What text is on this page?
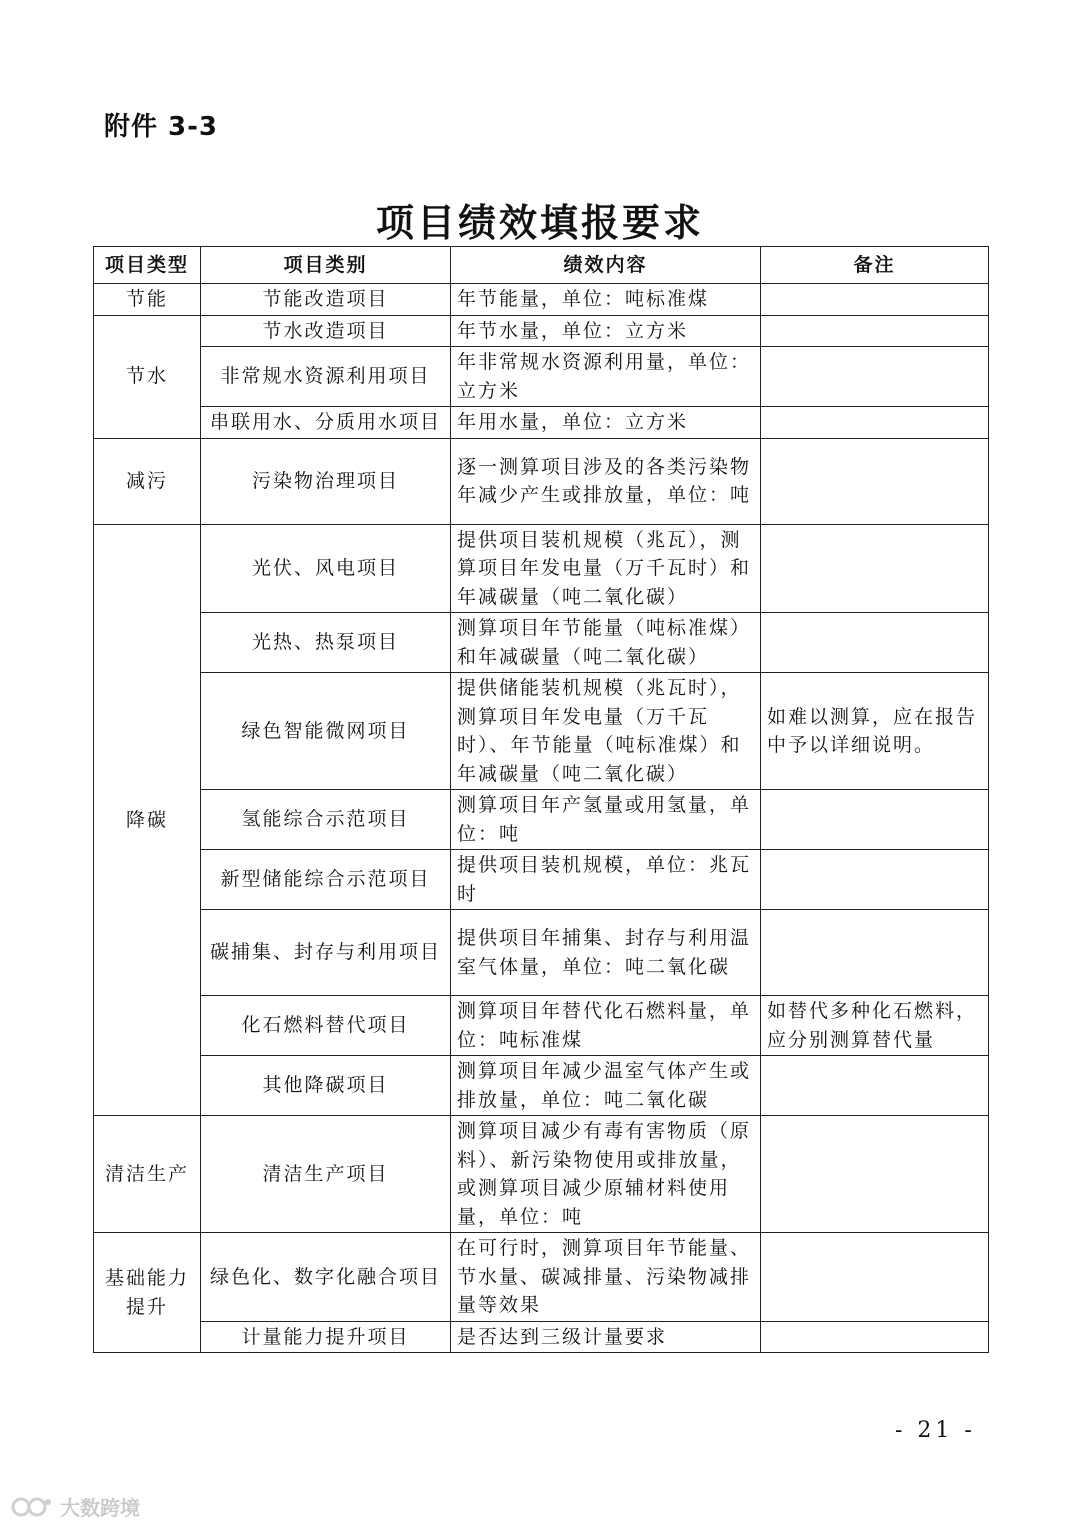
附件 3-3
项目绩效填报要求
项目类型	项目类别	绩效内容	备注
节能	节能改造项目	年节能量，单位：吨标准煤	
节水	节水改造项目	年节水量，单位：立方米	
	非常规水资源利用项目	年非常规水资源利用量，单位：立方米	
	串联用水、分质用水项目	年用水量，单位：立方米	
减污	污染物治理项目	逐一测算项目涉及的各类污染物年减少产生或排放量，单位：吨	
降碳	光伏、风电项目	提供项目装机规模（兆瓦），测算项目年发电量（万千瓦时）和年减碳量（吨二氧化碳）	
	光热、热泵项目	测算项目年节能量（吨标准煤）和年减碳量（吨二氧化碳）	
	绿色智能微网项目	提供储能装机规模（兆瓦时），测算项目年发电量（万千瓦时）、年节能量（吨标准煤）和年减碳量（吨二氧化碳）	如难以测算，应在报告中予以详细说明。
	氢能综合示范项目	测算项目年产氢量或用氢量，单位：吨	
	新型储能综合示范项目	提供项目装机规模，单位：兆瓦时	
	碳捕集、封存与利用项目	提供项目年捕集、封存与利用温室气体量，单位：吨二氧化碳	
	化石燃料替代项目	测算项目年替代化石燃料量，单位：吨标准煤	如替代多种化石燃料，应分别测算替代量
	其他降碳项目	测算项目年减少温室气体产生或排放量，单位：吨二氧化碳	
清洁生产	清洁生产项目	测算项目减少有毒有害物质（原料）、新污染物使用或排放量，或测算项目减少原辅材料使用量，单位：吨	
基础能力提升	绿色化、数字化融合项目	在可行时，测算项目年节能量、节水量、碳减排量、污染物减排量等效果	
	计量能力提升项目	是否达到三级计量要求	
- 21 -
大数跨境
